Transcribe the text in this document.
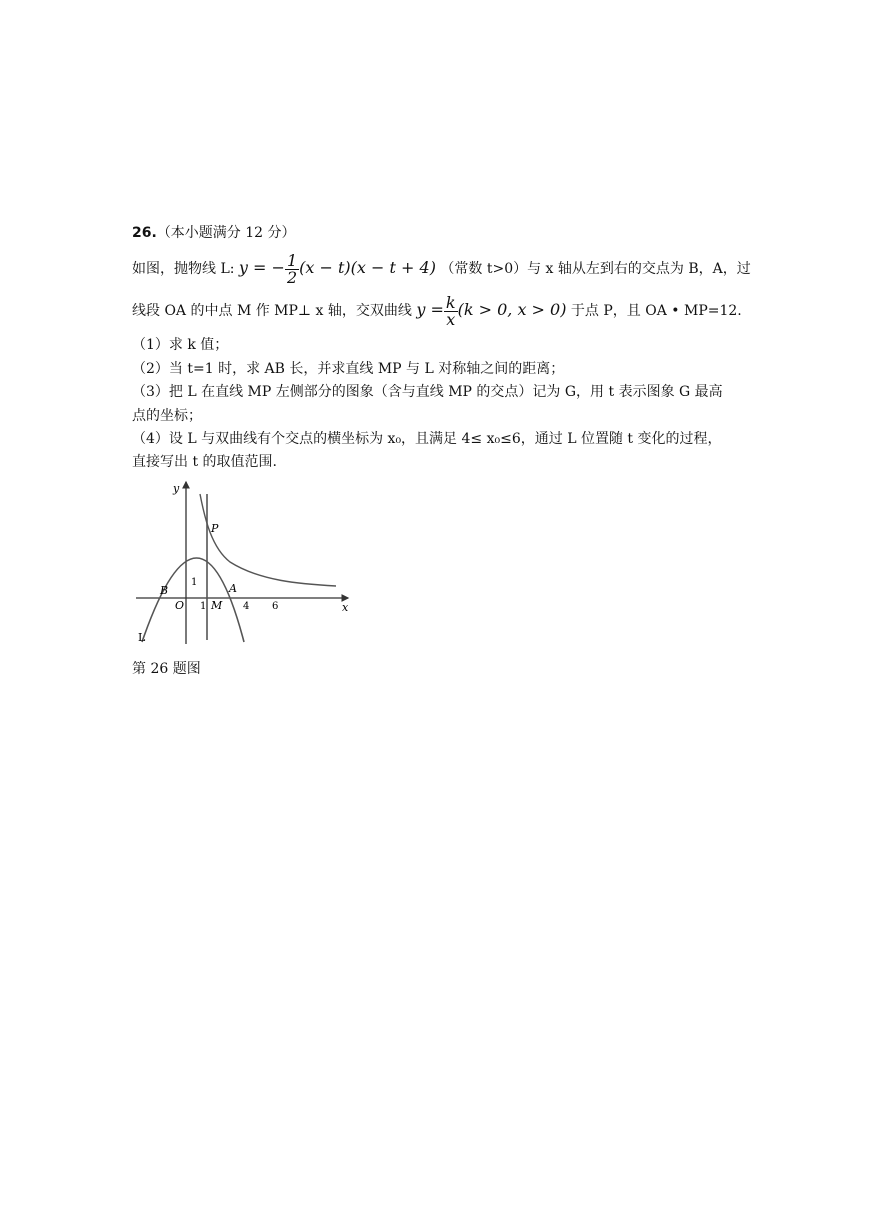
26.（本小题满分 12 分）
如图，抛物线 L: y = − $\frac{1}{2} (x - t)(x - t + 4)$ （常数 t>0）与 x 轴从左到右的交点为 B，A，过
线段 OA 的中点 M 作 MP⊥ x 轴，交双曲线 $y = \frac{k}{x} (k > 0$, x > 0) 于点 P，且 OA • MP=12.
（1）求 k 值；
（2）当 t=1 时，求 AB 长，并求直线 MP 与 L 对称轴之间的距离；
（3）把 L 在直线 MP 左侧部分的图象（含与直线 MP 的交点）记为 G，用 t 表示图象 G 最高
点的坐标；
（4）设 L 与双曲线有个交点的横坐标为 x₀，且满足 4≤ x₀≤6，通过 L 位置随 t 变化的过程，
直接写出 t 的取值范围.
y
x
P
B
O
1
1 M
A
4 6
L
第 26 题图
